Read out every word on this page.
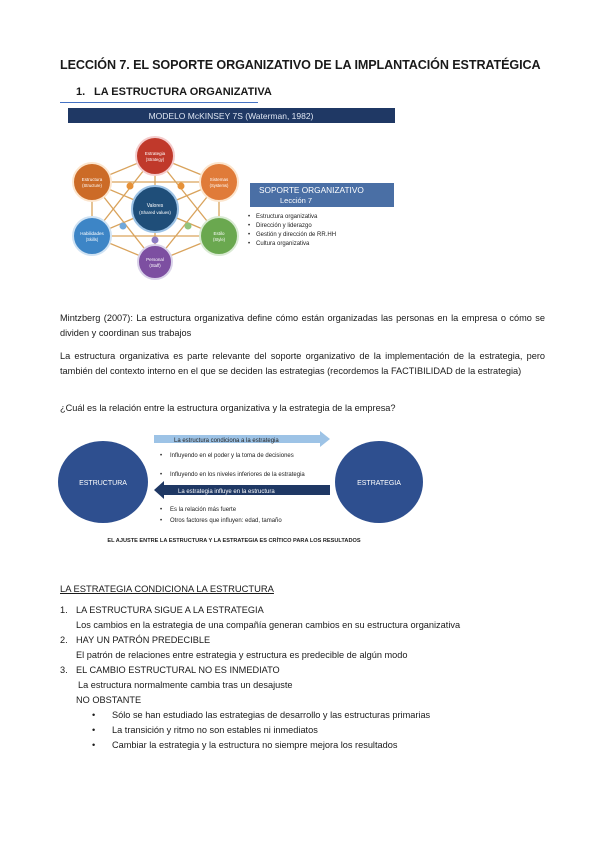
LECCIÓN 7. EL SOPORTE ORGANIZATIVO DE LA IMPLANTACIÓN ESTRATÉGICA
1. LA ESTRUCTURA ORGANIZATIVA
MODELO McKINSEY 7S (Waterman, 1982)
Valores
(Shared values)
Estrategia
(Strategy)
Sistemas
(Systems)
Estilo
(Style)
Personal
(Staff)
Habilidades
(Skills)
Estructura
(Structure)	SOPORTE ORGANIZATIVO
Lección 7
• Estructura organizativa
• Dirección y liderazgo
• Gestión y dirección de RR.HH
• Cultura organizativa
Mintzberg (2007): La estructura organizativa define cómo están organizadas las personas en la empresa o cómo se dividen y coordinan sus trabajos
La estructura organizativa es parte relevante del soporte organizativo de la implementación de la estrategia, pero también del contexto interno en el que se deciden las estrategias (recordemos la FACTIBILIDAD de la estrategia)
¿Cuál es la relación entre la estructura organizativa y la estrategia de la empresa?
ESTRUCTURA	ESTRATEGIA
La estructura condiciona a la estrategia
• Influyendo en el poder y la toma de decisiones
• Influyendo en los niveles inferiores de la estrategia
La estrategia influye en la estructura
• Es la relación más fuerte
• Otros factores que influyen: edad, tamaño
EL AJUSTE ENTRE LA ESTRUCTURA Y LA ESTRATEGIA ES CRÍTICO PARA LOS RESULTADOS
LA ESTRATEGIA CONDICIONA LA ESTRUCTURA
1. LA ESTRUCTURA SIGUE A LA ESTRATEGIA
Los cambios en la estrategia de una compañía generan cambios en su estructura organizativa
2. HAY UN PATRÓN PREDECIBLE
El patrón de relaciones entre estrategia y estructura es predecible de algún modo
3. EL CAMBIO ESTRUCTURAL NO ES INMEDIATO
La estructura normalmente cambia tras un desajuste
NO OBSTANTE
• Sólo se han estudiado las estrategias de desarrollo y las estructuras primarias
• La transición y ritmo no son estables ni inmediatos
• Cambiar la estrategia y la estructura no siempre mejora los resultados
